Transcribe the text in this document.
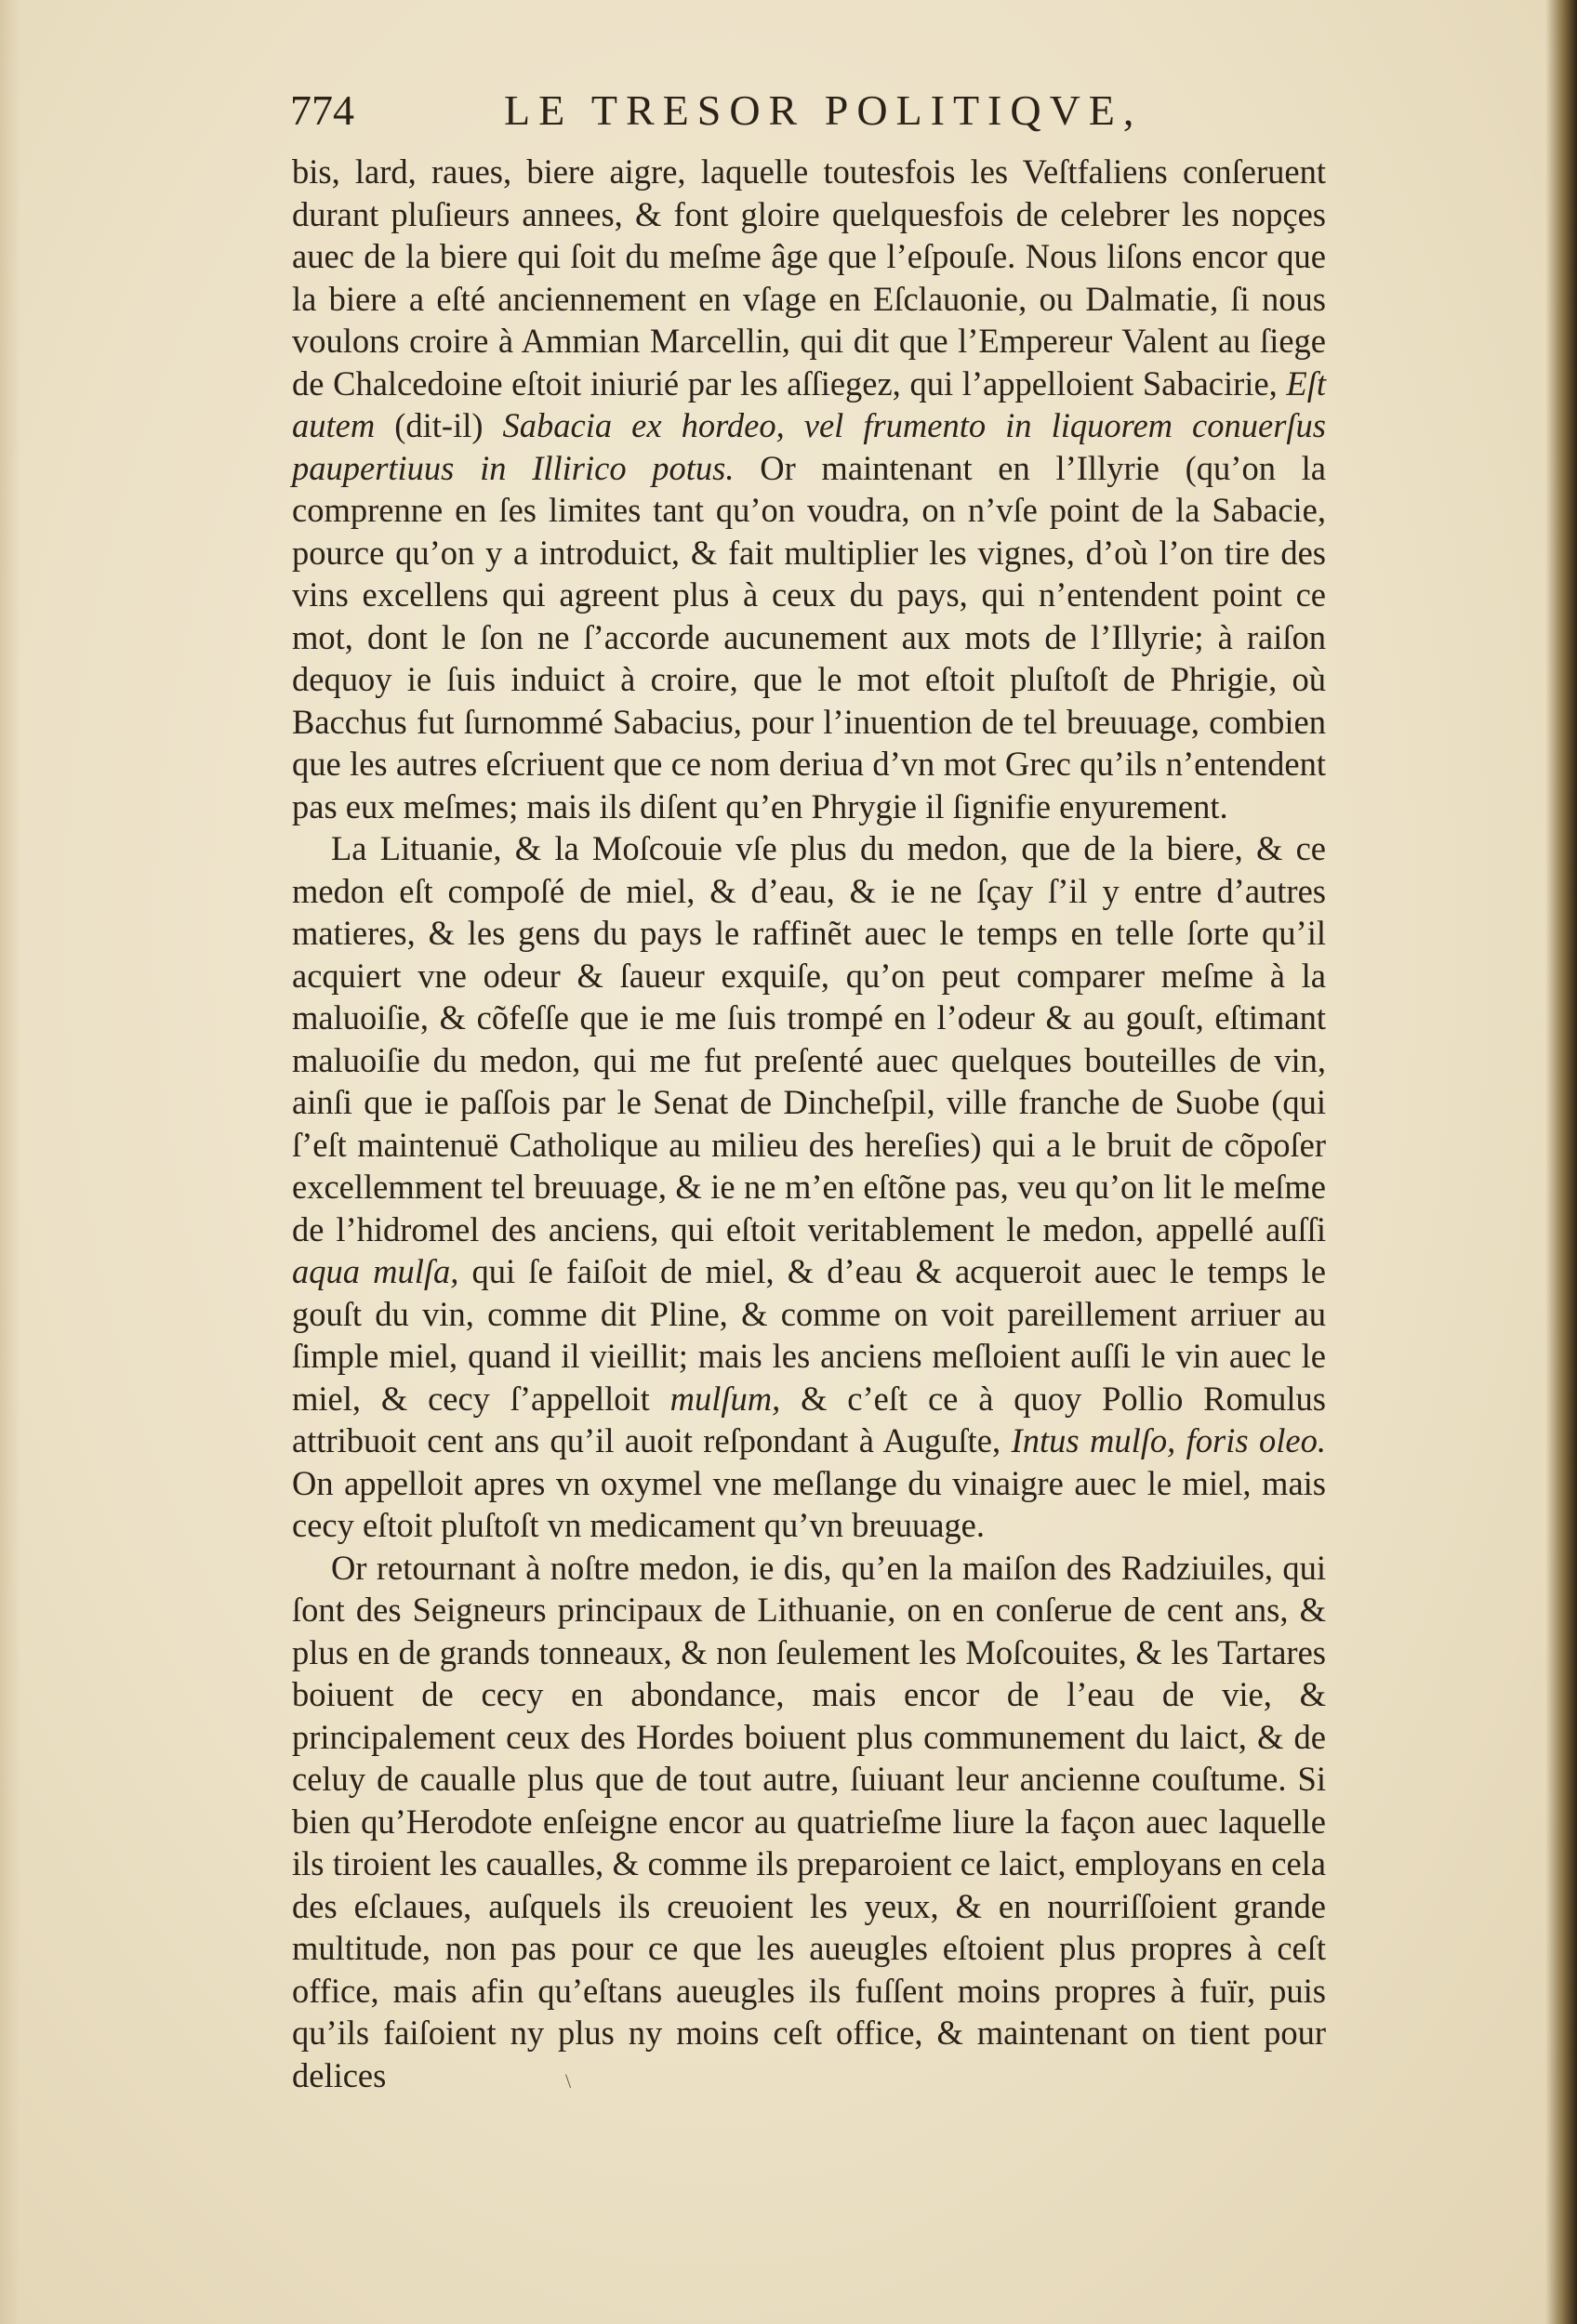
774	LE TRESOR POLITIQVE,

bis, lard, raues, biere aigre, laquelle toutesfois les Veſtfaliens conſeruent durant pluſieurs annees, & font gloire quelquesfois de celebrer les nopçes auec de la biere qui ſoit du meſme âge que l’eſpouſe. Nous liſons encor que la biere a eſté anciennement en vſage en Eſclauonie, ou Dalmatie, ſi nous voulons croire à Ammian Marcellin, qui dit que l’Empereur Valent au ſiege de Chalcedoine eſtoit iniurié par les aſſiegez, qui l’appelloient Sabacirie, Eſt autem (dit-il) Sabacia ex hordeo, vel frumento in liquorem conuerſus paupertiuus in Illirico potus. Or maintenant en l’Illyrie (qu’on la comprenne en ſes limites tant qu’on voudra, on n’vſe point de la Sabacie, pource qu’on y a introduict, & fait multiplier les vignes, d’où l’on tire des vins excellens qui agreent plus à ceux du pays, qui n’entendent point ce mot, dont le ſon ne ſ’accorde aucunement aux mots de l’Illyrie; à raiſon dequoy ie ſuis induict à croire, que le mot eſtoit pluſtoſt de Phrigie, où Bacchus fut ſurnommé Sabacius, pour l’inuention de tel breuuage, combien que les autres eſcriuent que ce nom deriua d’vn mot Grec qu’ils n’entendent pas eux meſmes; mais ils diſent qu’en Phrygie il ſignifie enyurement.

La Lituanie, & la Moſcouie vſe plus du medon, que de la biere, & ce medon eſt compoſé de miel, & d’eau, & ie ne ſçay ſ’il y entre d’autres matieres, & les gens du pays le raffinẽt auec le temps en telle ſorte qu’il acquiert vne odeur & ſaueur exquiſe, qu’on peut comparer meſme à la maluoiſie, & cõfeſſe que ie me ſuis trompé en l’odeur & au gouſt, eſtimant maluoiſie du medon, qui me fut preſenté auec quelques bouteilles de vin, ainſi que ie paſſois par le Senat de Dincheſpil, ville franche de Suobe (qui ſ’eſt maintenuë Catholique au milieu des hereſies) qui a le bruit de cõpoſer excellemment tel breuuage, & ie ne m’en eſtõne pas, veu qu’on lit le meſme de l’hidromel des anciens, qui eſtoit veritablement le medon, appellé auſſi aqua mulſa, qui ſe faiſoit de miel, & d’eau & acqueroit auec le temps le gouſt du vin, comme dit Pline, & comme on voit pareillement arriuer au ſimple miel, quand il vieillit; mais les anciens meſloient auſſi le vin auec le miel, & cecy ſ’appelloit mulſum, & c’eſt ce à quoy Pollio Romulus attribuoit cent ans qu’il auoit reſpondant à Auguſte, Intus mulſo, foris oleo. On appelloit apres vn oxymel vne meſlange du vinaigre auec le miel, mais cecy eſtoit pluſtoſt vn medicament qu’vn breuuage.

Or retournant à noſtre medon, ie dis, qu’en la maiſon des Radziuiles, qui ſont des Seigneurs principaux de Lithuanie, on en conſerue de cent ans, & plus en de grands tonneaux, & non ſeulement les Moſcouites, & les Tartares boiuent de cecy en abondance, mais encor de l’eau de vie, & principalement ceux des Hordes boiuent plus communement du laict, & de celuy de caualle plus que de tout autre, ſuiuant leur ancienne couſtume. Si bien qu’Herodote enſeigne encor au quatrieſme liure la façon auec laquelle ils tiroient les caualles, & comme ils preparoient ce laict, employans en cela des eſclaues, auſquels ils creuoient les yeux, & en nourriſſoient grande multitude, non pas pour ce que les aueugles eſtoient plus propres à ceſt office, mais afin qu’eſtans aueugles ils fuſſent moins propres à fuïr, puis qu’ils faiſoient ny plus ny moins ceſt office, & maintenant on tient pour delices	\
